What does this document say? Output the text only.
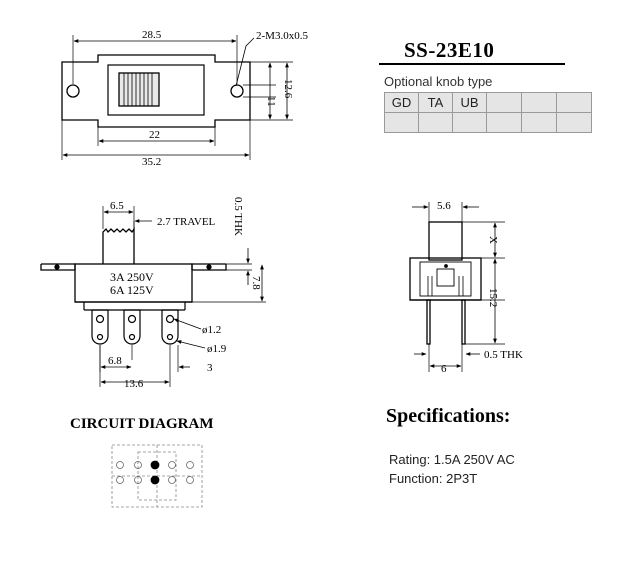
28.5	2-M3.0x0.5
22
35.2
11
12.6
6.5
2.7 TRAVEL 0.5 THK
7.8
3A 250V
6A 125V
ø1.2
ø1.9
6.8
3
13.6
5.6
X
15.2
0.5 THK
6
SS-23E10
Optional knob type
GD	TA	UB			

CIRCUIT DIAGRAM	Specifications:
Rating: 1.5A 250V AC
Function: 2P3T
